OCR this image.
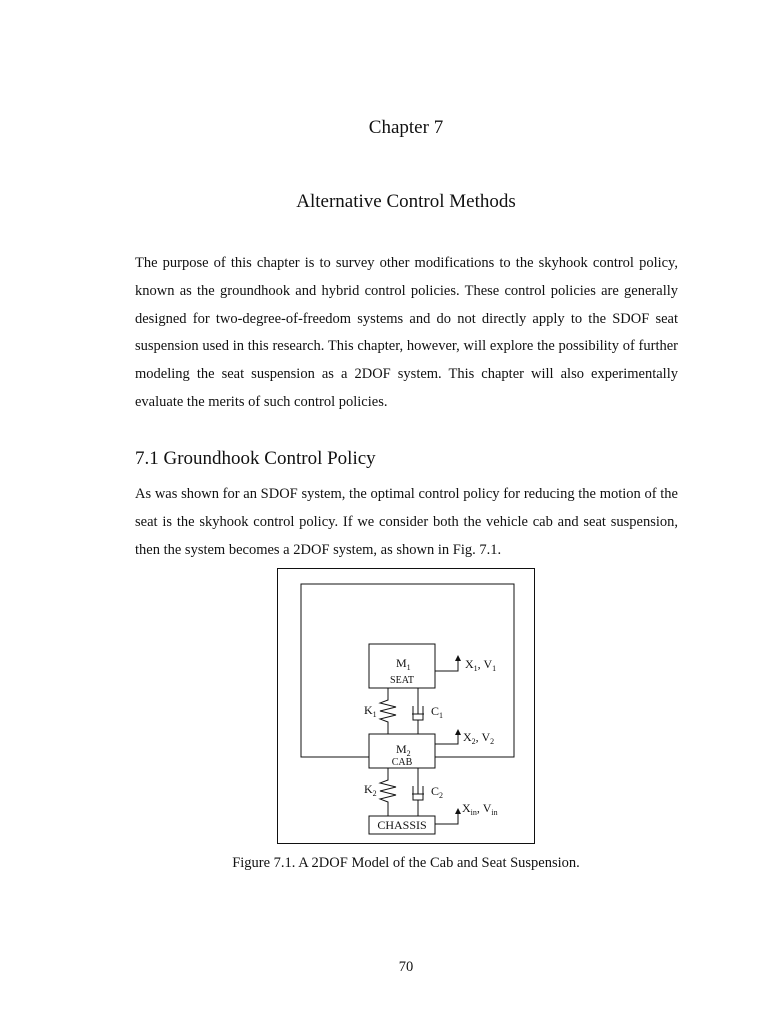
Chapter 7
Alternative Control Methods

The purpose of this chapter is to survey other modifications to the skyhook control policy, known as the groundhook and hybrid control policies. These control policies are generally designed for two-degree-of-freedom systems and do not directly apply to the SDOF seat suspension used in this research. This chapter, however, will explore the possibility of further modeling the seat suspension as a 2DOF system. This chapter will also experimentally evaluate the merits of such control policies.

7.1 Groundhook Control Policy

As was shown for an SDOF system, the optimal control policy for reducing the motion of the seat is the skyhook control policy. If we consider both the vehicle cab and seat suspension, then the system becomes a 2DOF system, as shown in Fig. 7.1.

$M_1$
SEAT
$K_1$	$C_1$
$X_1$, $V_1$
$M_2$
CAB
$X_2$, $V_2$
$K_2$	$C_2$
CHASSIS
$X_{in}$, $V_{in}$
Figure 7.1. A 2DOF Model of the Cab and Seat Suspension.
70
